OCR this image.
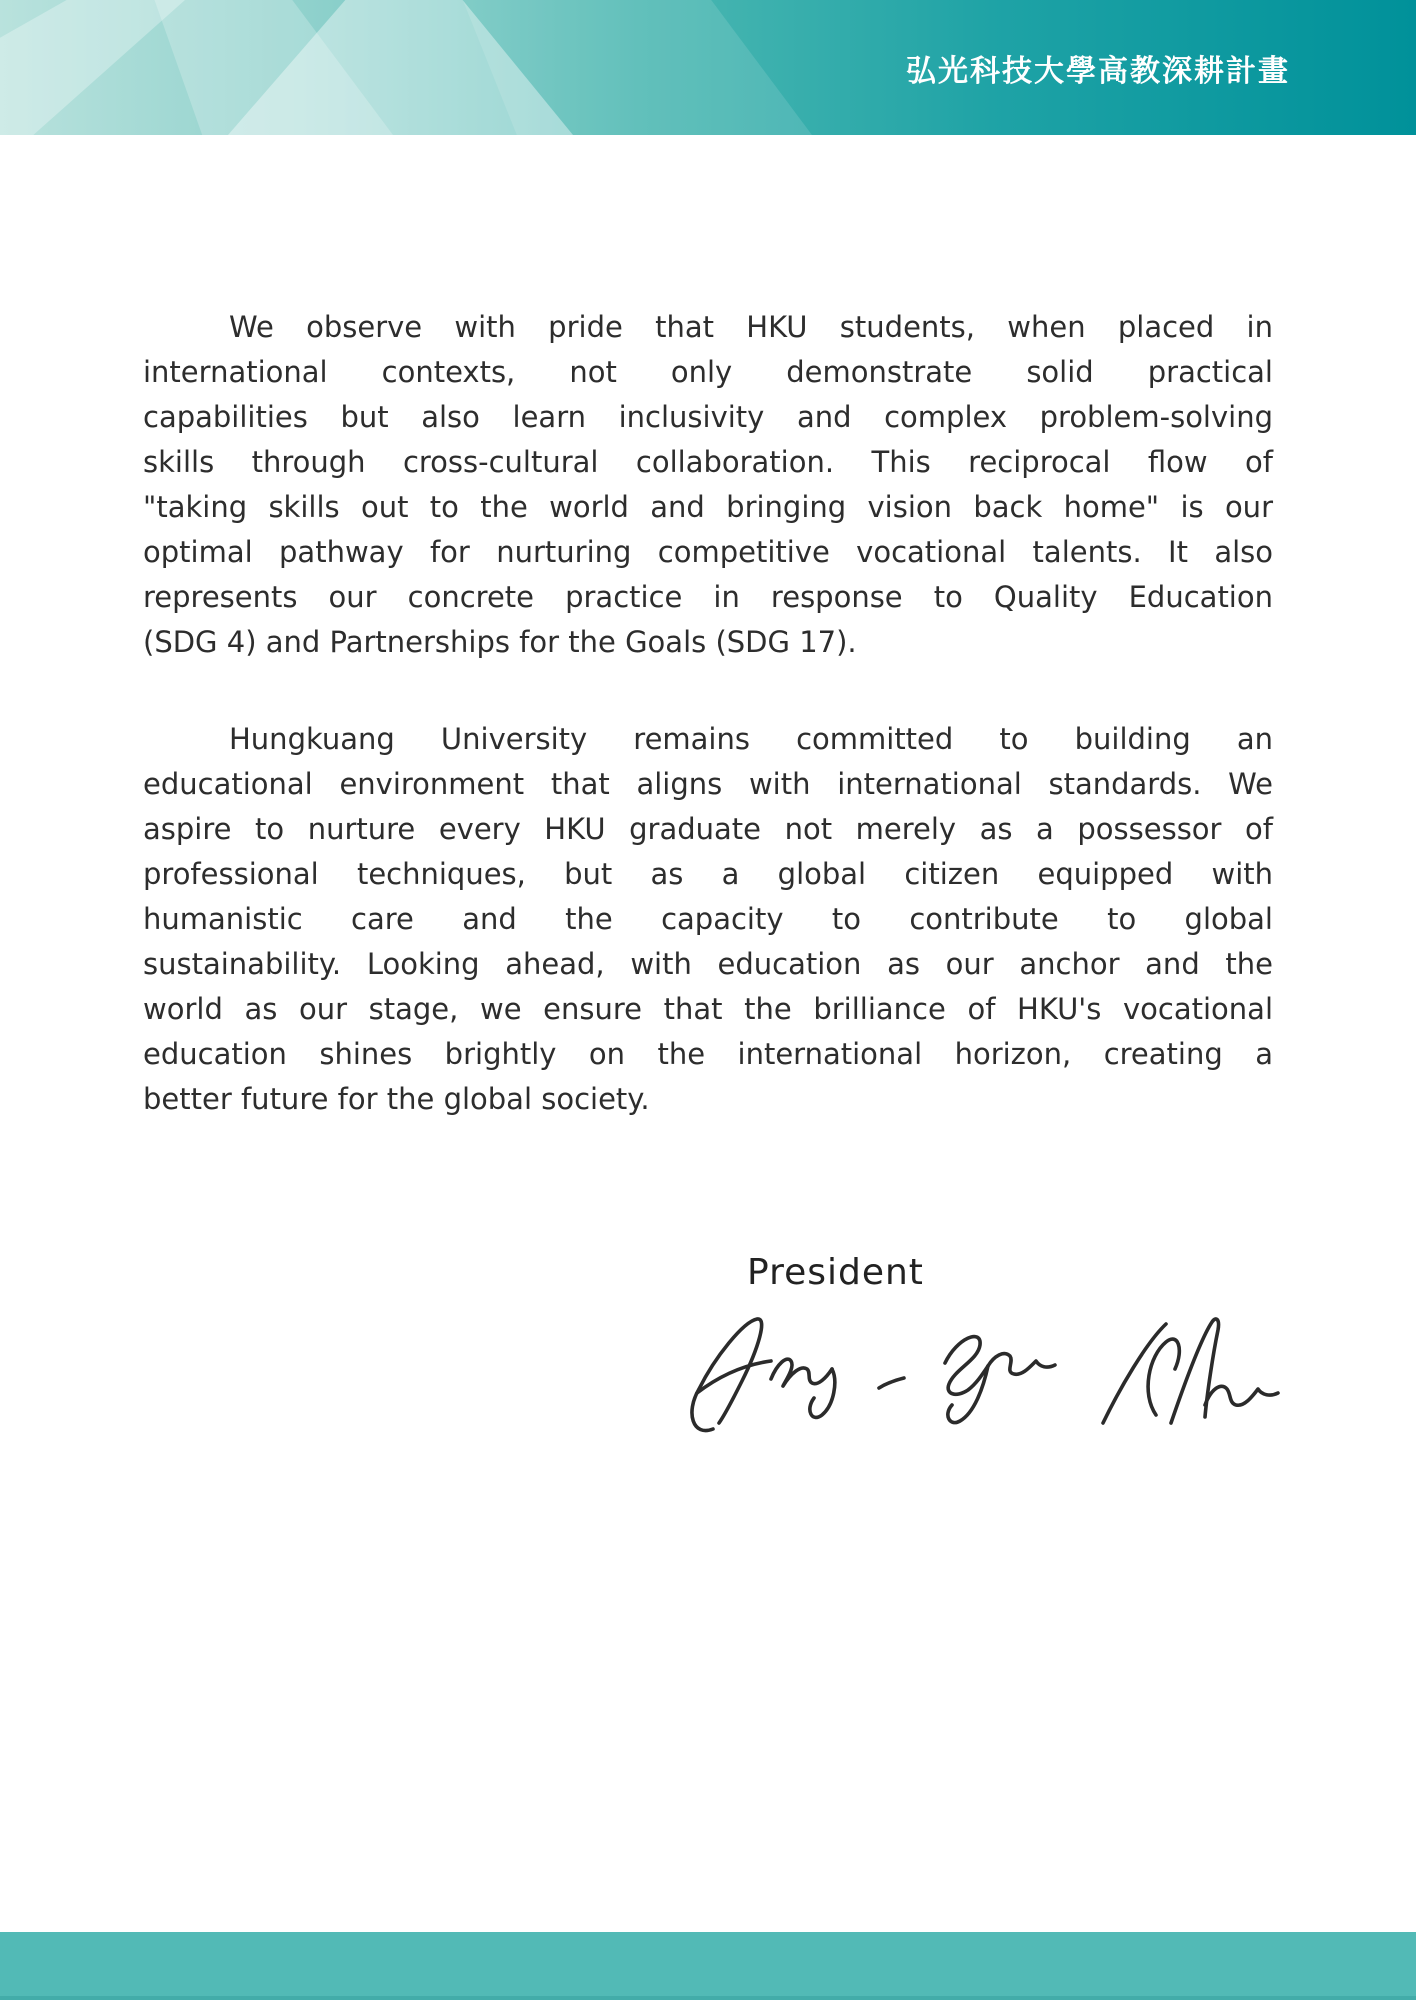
弘光科技大學高教深耕計畫
We observe with pride that HKU students, when placed in
international contexts, not only demonstrate solid practical
capabilities but also learn inclusivity and complex problem-solving
skills through cross-cultural collaboration. This reciprocal flow of
"taking skills out to the world and bringing vision back home" is our
optimal pathway for nurturing competitive vocational talents. It also
represents our concrete practice in response to Quality Education
(SDG 4) and Partnerships for the Goals (SDG 17).
Hungkuang University remains committed to building an
educational environment that aligns with international standards. We
aspire to nurture every HKU graduate not merely as a possessor of
professional techniques, but as a global citizen equipped with
humanistic care and the capacity to contribute to global
sustainability. Looking ahead, with education as our anchor and the
world as our stage, we ensure that the brilliance of HKU's vocational
education shines brightly on the international horizon, creating a
better future for the global society.
President
